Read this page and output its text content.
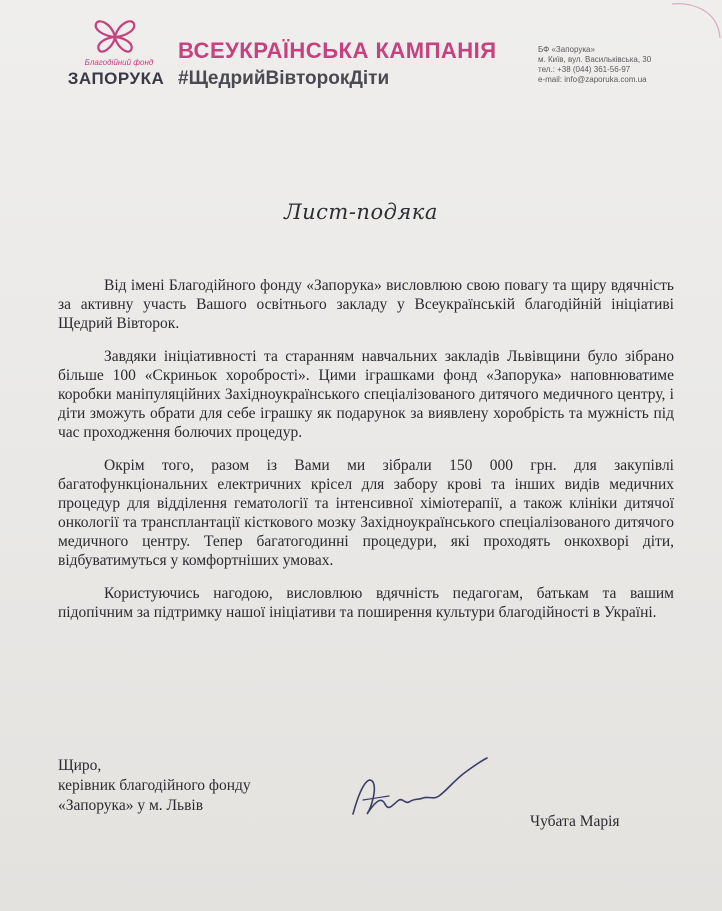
Благодійний фонд
ЗАПОРУКА
ВСЕУКРАЇНСЬКА КАМПАНІЯ
#ЩедрийВівторокДіти
БФ «Запорука»
м. Київ, вул. Васильківська, 30
тел.: +38 (044) 361-56-97
e-mail: info@zaporuka.com.ua
Лист-подяка

Від імені Благодійного фонду «Запорука» висловлюю свою повагу та щиру вдячність за активну участь Вашого освітнього закладу у Всеукраїнській благодійній ініціативі Щедрий Вівторок.

Завдяки ініціативності та старанням навчальних закладів Львівщини було зібрано більше 100 «Скриньок хоробрості». Цими іграшками фонд «Запорука» наповнюватиме коробки маніпуляційних Західноукраїнського спеціалізованого дитячого медичного центру, і діти зможуть обрати для себе іграшку як подарунок за виявлену хоробрість та мужність під час проходження болючих процедур.

Окрім того, разом із Вами ми зібрали 150 000 грн. для закупівлі багатофункціональних електричних крісел для забору крові та інших видів медичних процедур для відділення гематології та інтенсивної хіміотерапії, а також клініки дитячої онкології та трансплантації кісткового мозку Західноукраїнського спеціалізованого дитячого медичного центру. Тепер багатогодинні процедури, які проходять онкохворі діти, відбуватимуться у комфортніших умовах.

Користуючись нагодою, висловлюю вдячність педагогам, батькам та вашим підопічним за підтримку нашої ініціативи та поширення культури благодійності в Україні.

Щиро,
керівник благодійного фонду
«Запорука» у м. Львів
Чубата Марія
